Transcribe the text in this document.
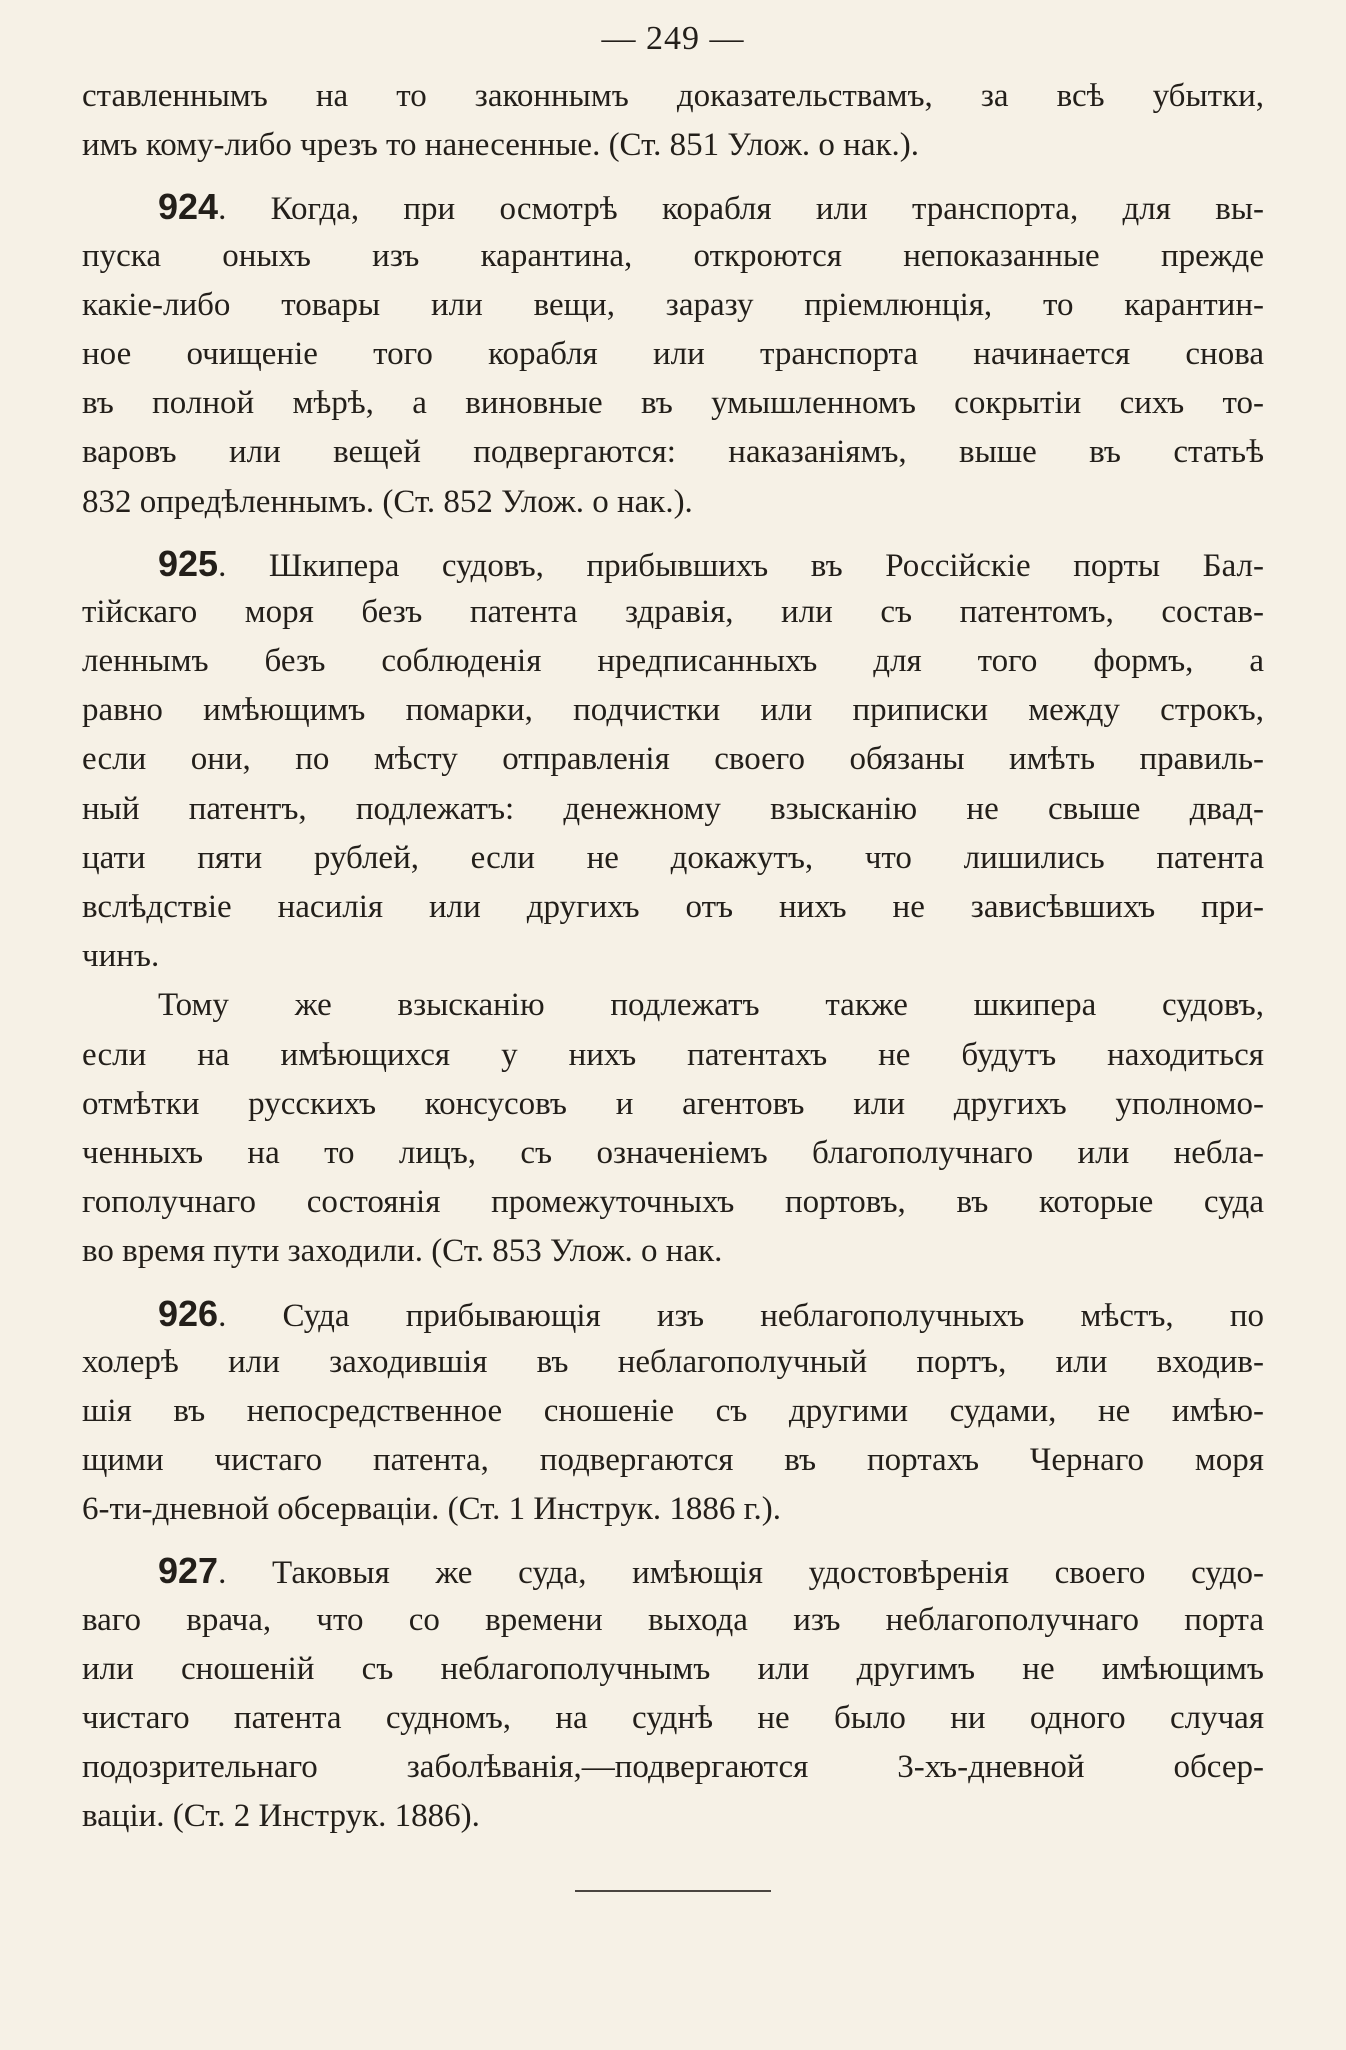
— 249 —
ставленнымъ на то законнымъ доказательствамъ, за всѣ убытки,
имъ кому-либо чрезъ то нанесенные. (Ст. 851 Улож. о нак.).
924. Когда, при осмотрѣ корабля или транспорта, для вы-
пуска оныхъ изъ карантина, откроются непоказанные прежде
какіе-либо товары или вещи, заразу пріемлюнція, то карантин-
ное очищеніе того корабля или транспорта начинается снова
въ полной мѣрѣ, а виновные въ умышленномъ сокрытіи сихъ то-
варовъ или вещей подвергаются: наказаніямъ, выше въ статьѣ
832 опредѣленнымъ. (Ст. 852 Улож. о нак.).
925. Шкипера судовъ, прибывшихъ въ Россійскіе порты Бал-
тійскаго моря безъ патента здравія, или съ патентомъ, состав-
леннымъ безъ соблюденія нредписанныхъ для того формъ, а
равно имѣющимъ помарки, подчистки или приписки между строкъ,
если они, по мѣсту отправленія своего обязаны имѣть правиль-
ный патентъ, подлежатъ: денежному взысканію не свыше двад-
цати пяти рублей, если не докажутъ, что лишились патента
вслѣдствіе насилія или другихъ отъ нихъ не зависѣвшихъ при-
чинъ.
Тому же взысканію подлежатъ также шкипера судовъ,
если на имѣющихся у нихъ патентахъ не будутъ находиться
отмѣтки русскихъ консусовъ и агентовъ или другихъ уполномо-
ченныхъ на то лицъ, съ означеніемъ благополучнаго или небла-
гополучнаго состоянія промежуточныхъ портовъ, въ которые суда
во время пути заходили. (Ст. 853 Улож. о нак.
926. Суда прибывающія изъ неблагополучныхъ мѣстъ, по
холерѣ или заходившія въ неблагополучный портъ, или входив-
шія въ непосредственное сношеніе съ другими судами, не имѣю-
щими чистаго патента, подвергаются въ портахъ Чернаго моря
6-ти-дневной обсерваціи. (Ст. 1 Инструк. 1886 г.).
927. Таковыя же суда, имѣющія удостовѣренія своего судо-
ваго врача, что со времени выхода изъ неблагополучнаго порта
или сношеній съ неблагополучнымъ или другимъ не имѣющимъ
чистаго патента судномъ, на суднѣ не было ни одного случая
подозрительнаго заболѣванія,—подвергаются 3-хъ-дневной обсер-
ваціи. (Ст. 2 Инструк. 1886).
